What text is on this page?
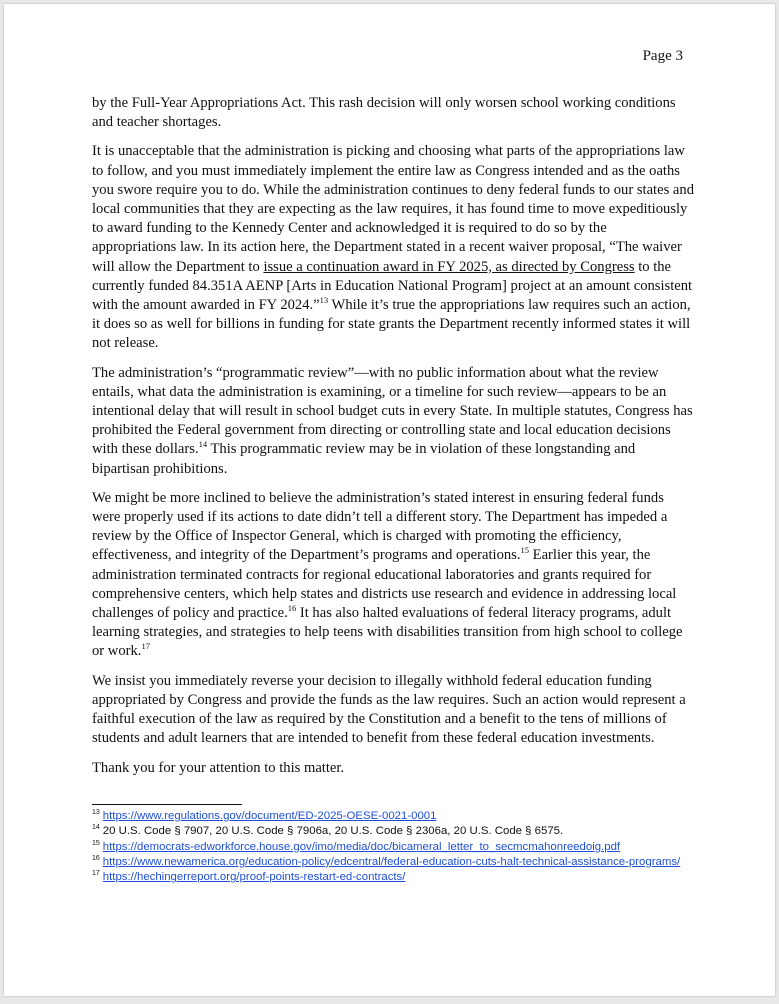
Page 3

by the Full-Year Appropriations Act. This rash decision will only worsen school working conditions and teacher shortages.

It is unacceptable that the administration is picking and choosing what parts of the appropriations law to follow, and you must immediately implement the entire law as Congress intended and as the oaths you swore require you to do. While the administration continues to deny federal funds to our states and local communities that they are expecting as the law requires, it has found time to move expeditiously to award funding to the Kennedy Center and acknowledged it is required to do so by the appropriations law. In its action here, the Department stated in a recent waiver proposal, “The waiver will allow the Department to issue a continuation award in FY 2025, as directed by Congress to the currently funded 84.351A AENP [Arts in Education National Program] project at an amount consistent with the amount awarded in FY 2024.”$^{13}$ While it’s true the appropriations law requires such an action, it does so as well for billions in funding for state grants the Department recently informed states it will not release.

The administration’s “programmatic review”—with no public information about what the review entails, what data the administration is examining, or a timeline for such review—appears to be an intentional delay that will result in school budget cuts in every State. In multiple statutes, Congress has prohibited the Federal government from directing or controlling state and local education decisions with these dollars.$^{14}$ This programmatic review may be in violation of these longstanding and bipartisan prohibitions.

We might be more inclined to believe the administration’s stated interest in ensuring federal funds were properly used if its actions to date didn’t tell a different story. The Department has impeded a review by the Office of Inspector General, which is charged with promoting the efficiency, effectiveness, and integrity of the Department’s programs and operations.$^{15}$ Earlier this year, the administration terminated contracts for regional educational laboratories and grants required for comprehensive centers, which help states and districts use research and evidence in addressing local challenges of policy and practice.$^{16}$ It has also halted evaluations of federal literacy programs, adult learning strategies, and strategies to help teens with disabilities transition from high school to college or work.$^{17}$

We insist you immediately reverse your decision to illegally withhold federal education funding appropriated by Congress and provide the funds as the law requires. Such an action would represent a faithful execution of the law as required by the Constitution and a benefit to the tens of millions of students and adult learners that are intended to benefit from these federal education investments.

Thank you for your attention to this matter.

$^{13}$ https://www.regulations.gov/document/ED-2025-OESE-0021-0001
$^{14}$ 20 U.S. Code § 7907, 20 U.S. Code § 7906a, 20 U.S. Code § 2306a, 20 U.S. Code § 6575.
$^{15}$ https://democrats-edworkforce.house.gov/imo/media/doc/bicameral_letter_to_secmcmahonreedoig.pdf
$^{16}$ https://www.newamerica.org/education-policy/edcentral/federal-education-cuts-halt-technical-assistance-programs/
$^{17}$ https://hechingerreport.org/proof-points-restart-ed-contracts/
